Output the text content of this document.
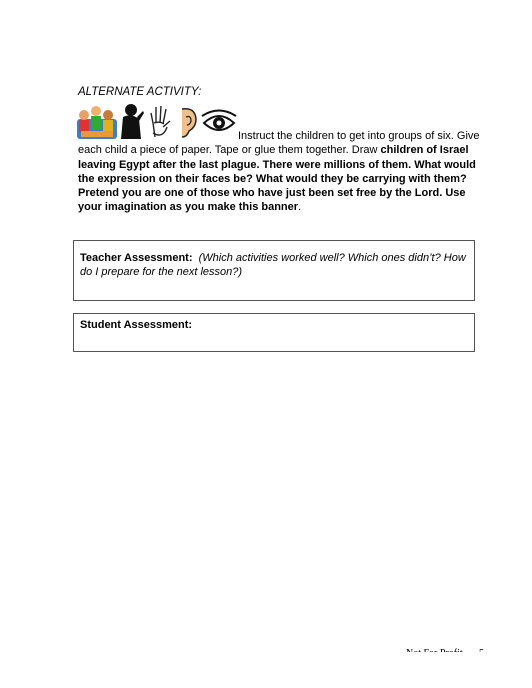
ALTERNATE ACTIVITY:
Instruct the children to get into groups of six. Give each child a piece of paper. Tape or glue them together. Draw children of Israel leaving Egypt after the last plague. There were millions of them. What would the expression on their faces be? What would they be carrying with them? Pretend you are one of those who have just been set free by the Lord. Use your imagination as you make this banner.
Teacher Assessment: (Which activities worked well? Which ones didn’t? How do I prepare for the next lesson?)
Student Assessment:
